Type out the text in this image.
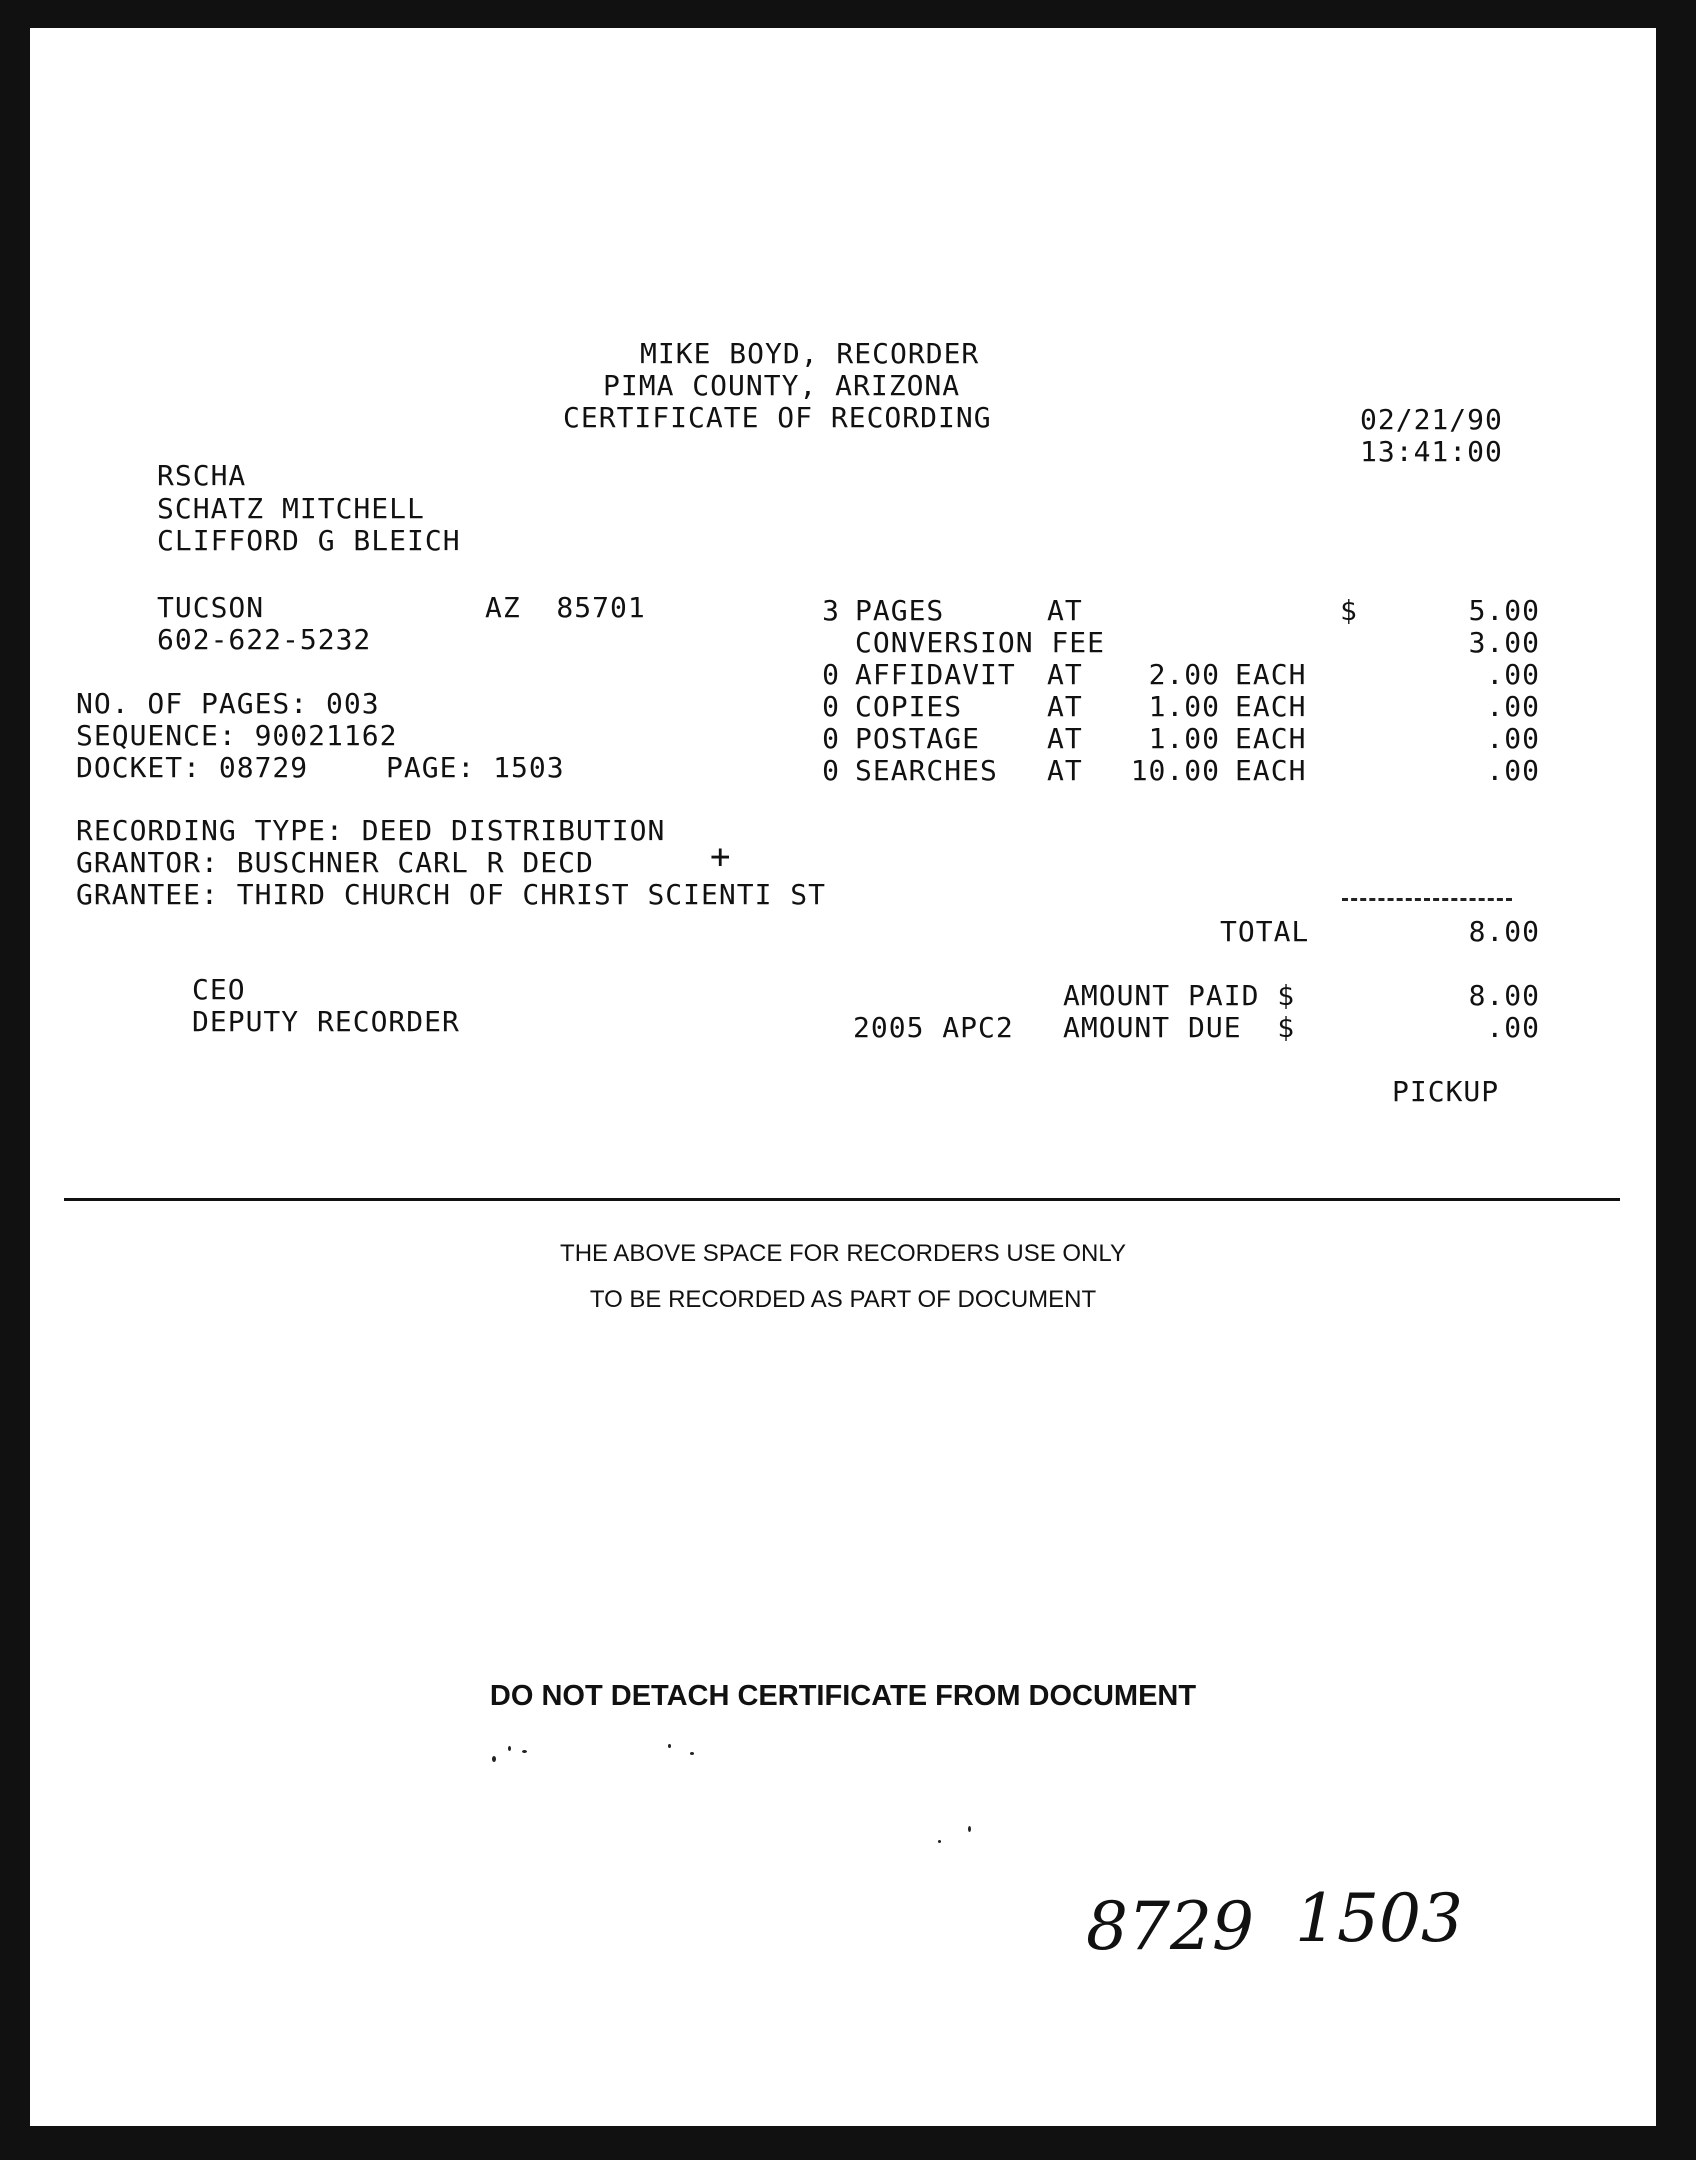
MIKE BOYD, RECORDER
PIMA COUNTY, ARIZONA
CERTIFICATE OF RECORDING	02/21/90
13:41:00
RSCHA
SCHATZ MITCHELL
CLIFFORD G BLEICH
TUCSON	AZ  85701
602-622-5232
NO. OF PAGES: 003
SEQUENCE: 90021162
DOCKET: 08729	PAGE: 1503
RECORDING TYPE: DEED DISTRIBUTION
GRANTOR: BUSCHNER CARL R DECD
GRANTEE: THIRD CHURCH OF CHRIST SCIENTI ST
+
3 PAGES	AT	$	5.00
CONVERSION FEE	3.00
0 AFFIDAVIT AT	2.00 EACH	.00
0 COPIES	AT	1.00 EACH	.00
0 POSTAGE AT	1.00 EACH	.00
0 SEARCHES AT	10.00 EACH	.00
TOTAL	8.00
CEO
DEPUTY RECORDER
AMOUNT PAID $	8.00
2005 APC2 AMOUNT DUE  $	.00
PICKUP
THE ABOVE SPACE FOR RECORDERS USE ONLY
TO BE RECORDED AS PART OF DOCUMENT
DO NOT DETACH CERTIFICATE FROM DOCUMENT
8729 1503
